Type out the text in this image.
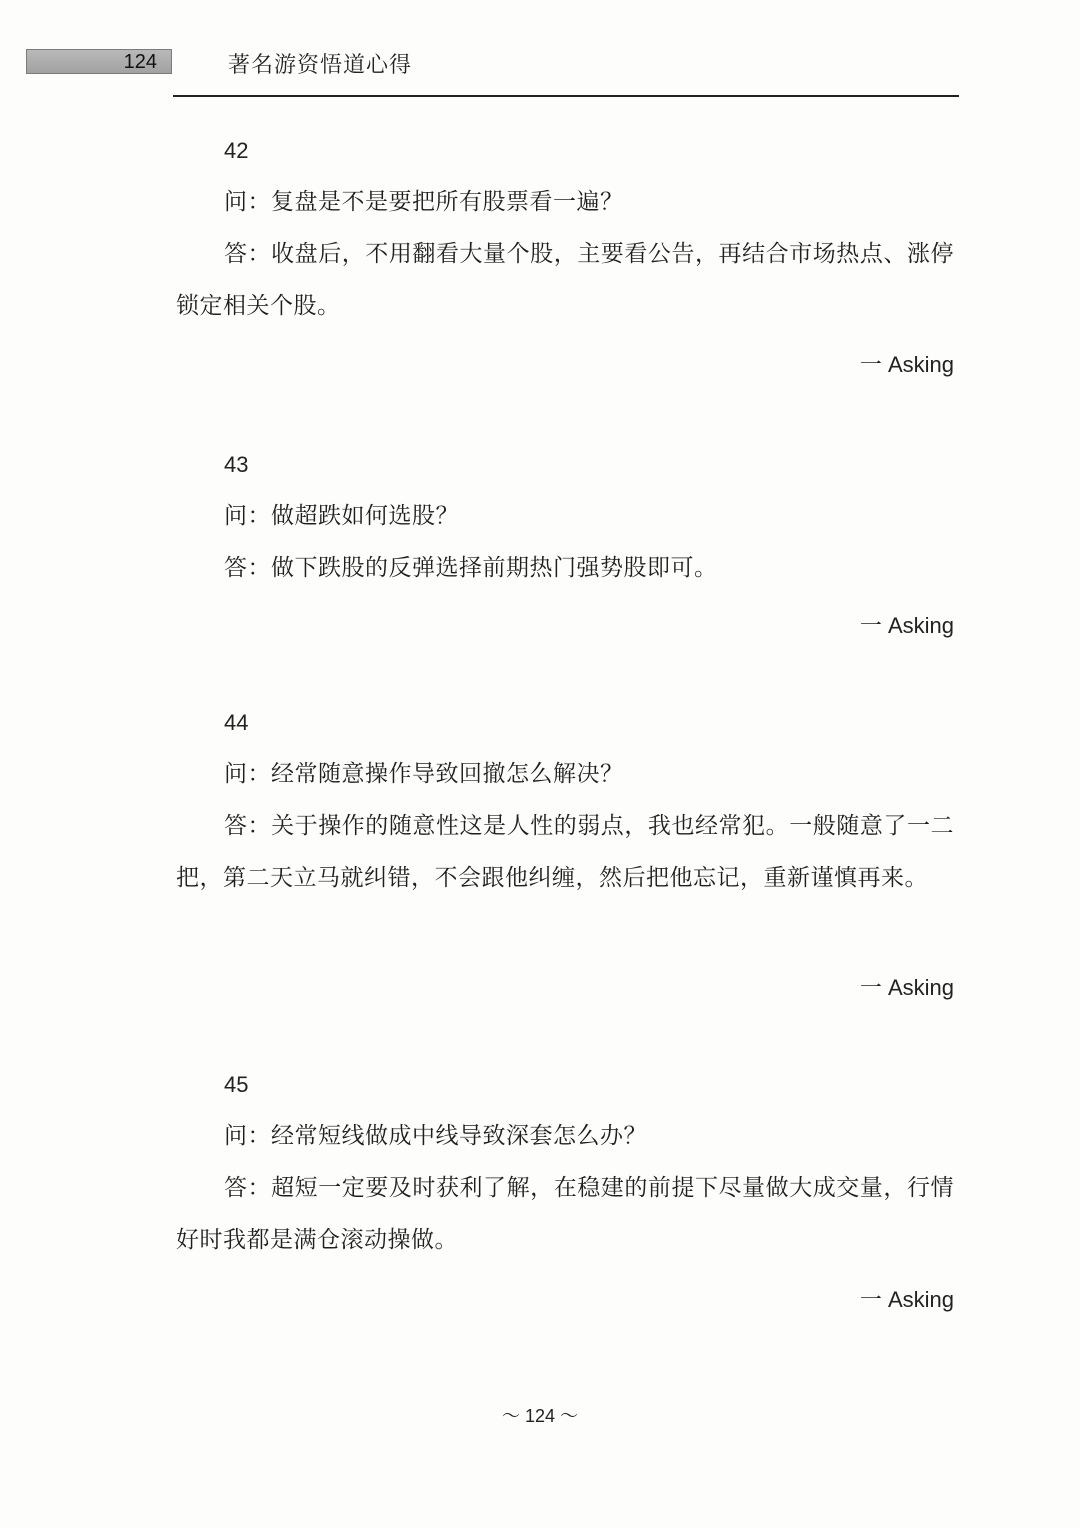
124	著名游资悟道心得
42

问：复盘是不是要把所有股票看一遍？

答：收盘后，不用翻看大量个股，主要看公告，再结合市场热点、涨停锁定相关个股。

一 Asking
43

问：做超跌如何选股？

答：做下跌股的反弹选择前期热门强势股即可。

一 Asking
44

问：经常随意操作导致回撤怎么解决？

答：关于操作的随意性这是人性的弱点，我也经常犯。一般随意了一二把，第二天立马就纠错，不会跟他纠缠，然后把他忘记，重新谨慎再来。

一 Asking
45

问：经常短线做成中线导致深套怎么办？

答：超短一定要及时获利了解，在稳建的前提下尽量做大成交量，行情好时我都是满仓滚动操做。

一 Asking
～ 124 ～
